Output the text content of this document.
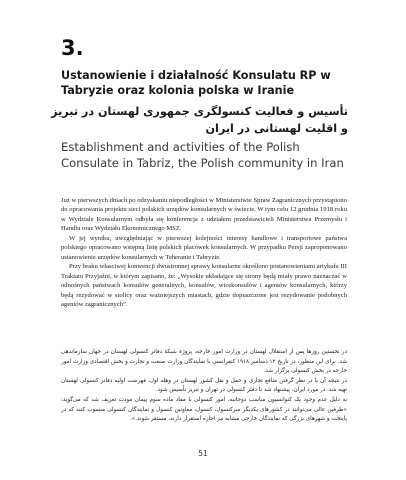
3.
Ustanowienie i działalność Konsulatu RP w Tabryzie oraz kolonia polska w Iranie
تأسیس و فعالیت کنسولگری جمهوری لهستان در تبریز و اقلیت لهستانی در ایران
Establishment and activities of the Polish Consulate in Tabriz, the Polish community in Iran

Już w pierwszych dniach po odzyskaniu niepodległości w Ministerstwie Spraw Zagranicznych przystąpiono do opracowania projektu sieci polskich urzędów konsularnych w świecie. W tym celu 12 grudnia 1918 roku w Wydziale Konsularnym odbyła się konferencja z udziałem przedstawicieli Ministerstwa Przemysłu i Handlu oraz Wydziału Ekonomicznego MSZ.

W jej wyniku, uwzględniając w pierwszej kolejności interesy handlowe i transportowe państwa polskiego opracowano wstępną listę polskich placówek konsularnych. W przypadku Persji zaproponowano ustanowienie urzędów konsularnych w Teheranie i Tabryzie.

Przy braku własciwej konwencji dwustronnej sprawy konsularne określono postanowieniami artykułu III Traktatu Przyjaźni, w którym zapisano, że: „Wysokie układające się strony będą miały prawo naznaczać w odnośnych państwach konsulów generalnych, konsulów, wicekonsulów i agentów konsularnych, którzy będą rezydować w stolicy oraz ważniejszych miastach, gdzie dopuszczone jest rezydowanie podobnych agentów zagranicznych”.

در نخستین روزها پس از استقلال لهستان در وزارت امور خارجه، پروژهٔ شبکهٔ دفاتر کنسولی لهستان در جهان سازماندهی شد. برای این منظور، در تاریخ ۱۲ دسامبر ۱۹۱۸ کنفرانسی با نمایندگان وزارت صنعت و تجارت و بخش اقتصادی وزارت امور خارجه در بخش کنسولی برگزار شد.

در نتیجه آن با در نظر گرفتن منافع تجاری و حمل و نقل کشور لهستان در وهله اول، فهرست اولیه دفاتر کنسولی لهستان تهیه شد. در مورد ایران، پیشنهاد شد تا دفتر کنسولی در تهران و تبریز تأسیس شود.

به دلیل عدم وجود یک کنوانسیون مناسب دوجانبه، امور کنسولی با مفاد ماده سوم پیمان مودت تعریف شد که می‌گوید: «طرفین عالی می‌توانند در کشورهای یکدیگر سرکنسول، کنسول، معاونین کنسول و نمایندگان کنسولی منسوب کنند که در پایتخت و شهرهای بزرگی که نمایندگان خارجی مشابه نیز اجازه استقرار دارند، مستقر شوند.».

51
